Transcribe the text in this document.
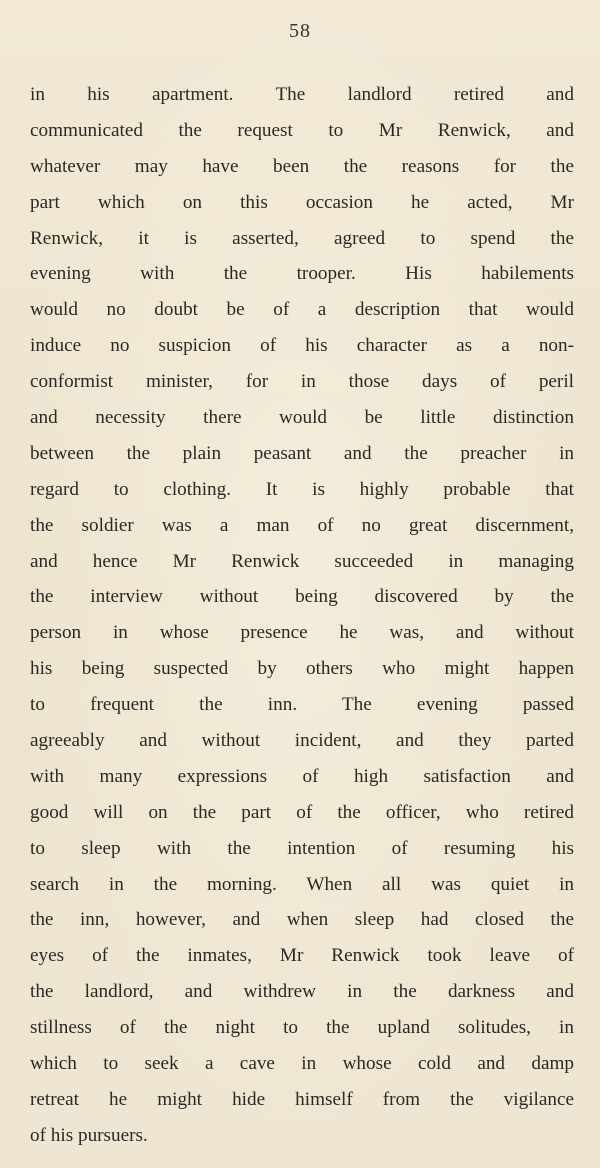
58
in his apartment. The landlord retired and
communicated the request to Mr Renwick, and
whatever may have been the reasons for the
part which on this occasion he acted, Mr
Renwick, it is asserted, agreed to spend the
evening with the trooper. His habilements
would no doubt be of a description that would
induce no suspicion of his character as a non-
conformist minister, for in those days of peril
and necessity there would be little distinction
between the plain peasant and the preacher in
regard to clothing. It is highly probable that
the soldier was a man of no great discernment,
and hence Mr Renwick succeeded in managing
the interview without being discovered by the
person in whose presence he was, and without
his being suspected by others who might happen
to frequent the inn. The evening passed
agreeably and without incident, and they parted
with many expressions of high satisfaction and
good will on the part of the officer, who retired
to sleep with the intention of resuming his
search in the morning. When all was quiet in
the inn, however, and when sleep had closed the
eyes of the inmates, Mr Renwick took leave of
the landlord, and withdrew in the darkness and
stillness of the night to the upland solitudes, in
which to seek a cave in whose cold and damp
retreat he might hide himself from the vigilance
of his pursuers.
